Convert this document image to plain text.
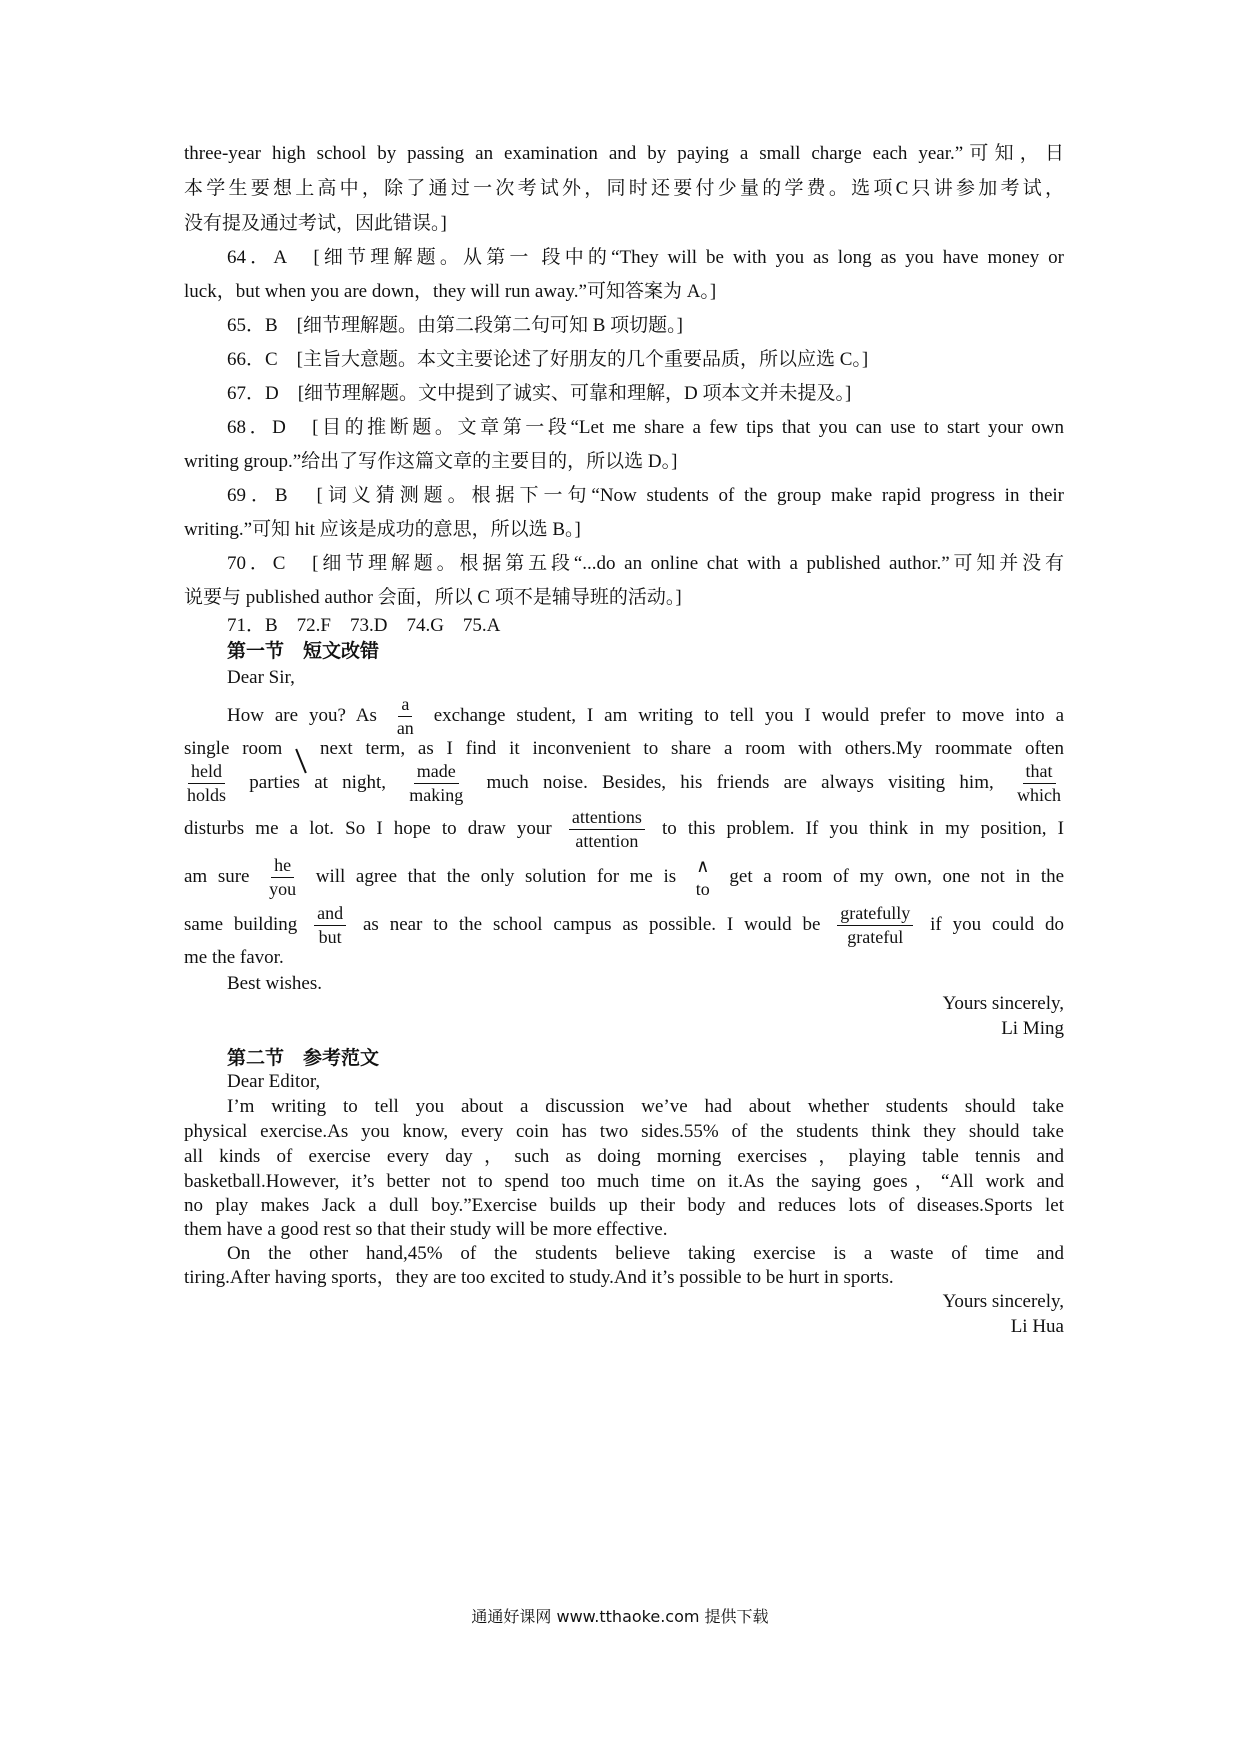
three-year high school by passing an examination and by paying a small charge each year.”可知，日
本学生要想上高中，除了通过一次考试外，同时还要付少量的学费。选项C只讲参加考试，
没有提及通过考试，因此错误。]
64．A　[细节理解题。从第一 段中的“They will be with you as long as you have money or
luck，but when you are down，they will run away.”可知答案为 A。]
65．B　[细节理解题。由第二段第二句可知 B 项切题。]
66．C　[主旨大意题。本文主要论述了好朋友的几个重要品质，所以应选 C。]
67．D　[细节理解题。文中提到了诚实、可靠和理解，D 项本文并未提及。]
68．D　[目的推断题。文章第一段“Let me share a few tips that you can use to start your own
writing group.”给出了写作这篇文章的主要目的，所以选 D。]
69．B　[词义猜测题。根据下一句“Now students of the group make rapid progress in their
writing.”可知 hit 应该是成功的意思，所以选 B。]
70．C　[细节理解题。根据第五段“...do an online chat with a published author.”可知并没有
说要与 published author 会面，所以 C 项不是辅导班的活动。]
71．B　72.F　73.D　74.G　75.A
第一节　短文改错
Dear Sir,
How are you? As $\frac{a}{an}$ exchange student, I am writing to tell you I would prefer to move into a
single room next term, as I find it inconvenient to share a room with others.My roommate often
$\frac{\text{held}}{\text{holds}}$ parties at night, $\frac{\text{made}}{\text{making}}$ much noise. Besides, his friends are always visiting him, $\frac{\text{that}}{\text{which}}$
disturbs me a lot. So I hope to draw your $\frac{\text{attentions}}{\text{attention}}$ to this problem. If you think in my position, I
am sure $\frac{he}{\text{you}}$ will agree that the only solution for me is
∧
to
get a room of my own, one not in the
same building $\frac{\text{and}}{\text{but}}$ as near to the school campus as possible. I would be $\frac{\text{gratefully}}{\text{grateful}}$ if you could do
me the favor.
Best wishes.
Yours sincerely,
Li Ming
第二节　参考范文
Dear Editor,
I’m writing to tell you about a discussion we’ve had about whether students should take
physical exercise.As you know, every coin has two sides.55% of the students think they should take
all kinds of exercise every day，such as doing morning exercises，playing table tennis and
basketball.However, it’s better not to spend too much time on it.As the saying goes，“All work and
no play makes Jack a dull boy.”Exercise builds up their body and reduces lots of diseases.Sports let
them have a good rest so that their study will be more effective.
On the other hand,45% of the students believe taking exercise is a waste of time and
tiring.After having sports，they are too excited to study.And it’s possible to be hurt in sports.
Yours sincerely,
Li Hua
通通好课网 www.tthaoke.com 提供下载
